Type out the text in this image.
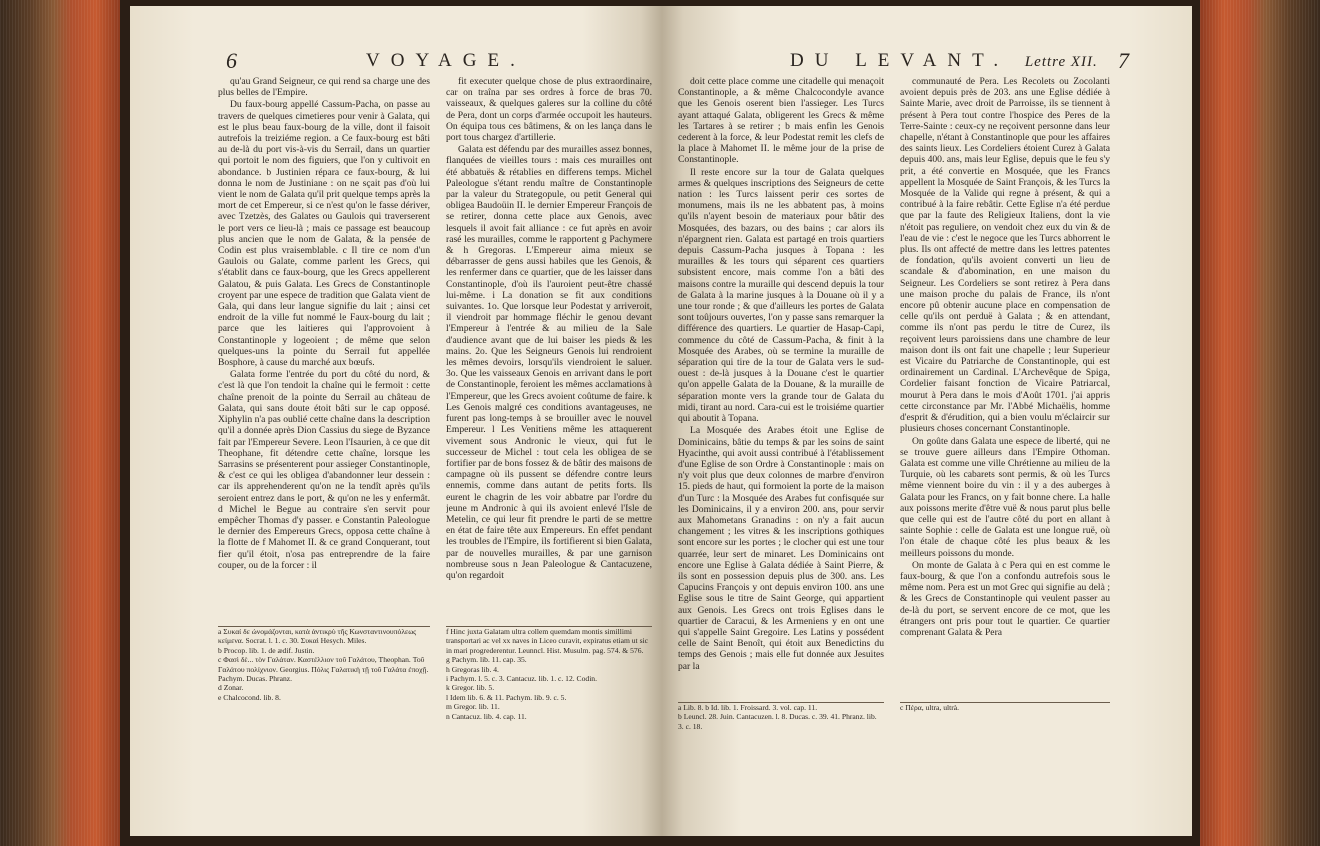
6	VOYAGE.

qu'au Grand Seigneur, ce qui rend sa charge une des plus belles de l'Empire.

Du faux-bourg appellé Cassum-Pacha, on passe au travers de quelques cimetieres pour venir à Galata, qui est le plus beau faux-bourg de la ville, dont il faisoit autrefois la treiziéme region. a Ce faux-bourg est bâti au de-là du port vis-à-vis du Serrail, dans un quartier qui portoit le nom des figuiers, que l'on y cultivoit en abondance. b Justinien répara ce faux-bourg, & lui donna le nom de Justiniane : on ne sçait pas d'où lui vient le nom de Galata qu'il prit quelque temps après la mort de cet Empereur, si ce n'est qu'on le fasse dériver, avec Tzetzès, des Galates ou Gaulois qui traverserent le port vers ce lieu-là ; mais ce passage est beaucoup plus ancien que le nom de Galata, & la pensée de Codin est plus vraisemblable. c Il tire ce nom d'un Gaulois ou Galate, comme parlent les Grecs, qui s'établit dans ce faux-bourg, que les Grecs appellerent Galatou, & puis Galata. Les Grecs de Constantinople croyent par une espece de tradition que Galata vient de Gala, qui dans leur langue signifie du lait ; ainsi cet endroit de la ville fut nommé le Faux-bourg du lait ; parce que les laitieres qui l'approvoient à Constantinople y logeoient ; de même que selon quelques-uns la pointe du Serrail fut appellée Bosphore, à cause du marché aux bœufs.

Galata forme l'entrée du port du côté du nord, & c'est là que l'on tendoit la chaîne qui le fermoit : cette chaîne prenoit de la pointe du Serrail au château de Galata, qui sans doute étoit bâti sur le cap opposé. Xiphylin n'a pas oublié cette chaîne dans la description qu'il a donnée après Dion Cassius du siege de Byzance fait par l'Empereur Severe. Leon l'Isaurien, à ce que dit Theophane, fit détendre cette chaîne, lorsque les Sarrasins se présenterent pour assieger Constantinople, & c'est ce qui les obligea d'abandonner leur dessein : car ils apprehenderent qu'on ne la tendît après qu'ils seroient entrez dans le port, & qu'on ne les y enfermât. d Michel le Begue au contraire s'en servit pour empêcher Thomas d'y passer. e Constantin Paleologue le dernier des Empereurs Grecs, opposa cette chaîne à la flotte de f Mahomet II. & ce grand Conquerant, tout fier qu'il étoit, n'osa pas entreprendre de la faire couper, ou de la forcer : il

fit executer quelque chose de plus extraordinaire, car on traîna par ses ordres à force de bras 70. vaisseaux, & quelques galeres sur la colline du côté de Pera, dont un corps d'armée occupoit les hauteurs. On équipa tous ces bâtimens, & on les lança dans le port tous chargez d'artillerie.

Galata est défendu par des murailles assez bonnes, flanquées de vieilles tours : mais ces murailles ont été abbatuës & rétablies en differens temps. Michel Paleologue s'étant rendu maître de Constantinople par la valeur du Strategopule, ou petit General qui obligea Baudoüin II. le dernier Empereur François de se retirer, donna cette place aux Genois, avec lesquels il avoit fait alliance : ce fut après en avoir rasé les murailles, comme le rapportent g Pachymere & h Gregoras. L'Empereur aima mieux se débarrasser de gens aussi habiles que les Genois, & les renfermer dans ce quartier, que de les laisser dans Constantinople, d'où ils l'auroient peut-être chassé lui-même. i La donation se fit aux conditions suivantes. 1o. Que lorsque leur Podestat y arriveroit, il viendroit par hommage fléchir le genou devant l'Empereur à l'entrée & au milieu de la Sale d'audience avant que de lui baiser les pieds & les mains. 2o. Que les Seigneurs Genois lui rendroient les mêmes devoirs, lorsqu'ils viendroient le saluer. 3o. Que les vaisseaux Genois en arrivant dans le port de Constantinople, feroient les mêmes acclamations à l'Empereur, que les Grecs avoient coûtume de faire. k Les Genois malgré ces conditions avantageuses, ne furent pas long-temps à se brouiller avec le nouvel Empereur. l Les Venitiens même les attaquerent vivement sous Andronic le vieux, qui fut le successeur de Michel : tout cela les obligea de se fortifier par de bons fossez & de bâtir des maisons de campagne où ils pussent se défendre contre leurs ennemis, comme dans autant de petits forts. Ils eurent le chagrin de les voir abbatre par l'ordre du jeune m Andronic à qui ils avoient enlevé l'Isle de Metelin, ce qui leur fit prendre le parti de se mettre en état de faire tête aux Empereurs. En effet pendant les troubles de l'Empire, ils fortifierent si bien Galata, par de nouvelles murailles, & par une garnison nombreuse sous n Jean Paleologue & Cantacuzene, qu'on regardoit

a Συκαί δε ὠνομάζονται, κατὰ ἀντικρὺ τῆς Κωνσταντινουπόλεως κείμενα. Socrat. l. 1. c. 30. Συκαὶ Hesych. Miles.
b Procop. lib. 1. de ædif. Justin.
c Φασὶ δὲ... τὸν Γαλάταν. Καστέλλιον τοῦ Γαλάτου, Theophan. Τοῦ Γαλάτου πολίχνιον. Georgius. Πόλις Γαλατικὴ τῇ τοῦ Γαλάτα ἐποχῇ. Pachym. Ducas. Phranz.
d Zonar.
e Chalcocond. lib. 8.
f Hinc juxta Galatam ultra collem quemdam montis simillimi transportari ac vel xx naves in Liceo curavit, expiratus etiam ut sic in mari progrederentur. Leunncl. Hist. Musulm. pag. 574. & 576.
g Pachym. lib. 11. cap. 35.
h Gregoras lib. 4.
i Pachym. l. 5. c. 3. Cantacuz. lib. 1. c. 12. Codin.
k Gregor. lib. 5.
l Idem lib. 6. & 11. Pachym. lib. 9. c. 5.
m Gregor. lib. 11.
n Cantacuz. lib. 4. cap. 11.
DU LEVANT. Lettre XII. 7

doit cette place comme une citadelle qui menaçoit Constantinople, a & même Chalcocondyle avance que les Genois oserent bien l'assieger. Les Turcs ayant attaqué Galata, obligerent les Grecs & même les Tartares à se retirer ; b mais enfin les Genois cederent à la force, & leur Podestat remit les clefs de la place à Mahomet II. le même jour de la prise de Constantinople.

Il reste encore sur la tour de Galata quelques armes & quelques inscriptions des Seigneurs de cette nation : les Turcs laissent perir ces sortes de monumens, mais ils ne les abbatent pas, à moins qu'ils n'ayent besoin de materiaux pour bâtir des Mosquées, des bazars, ou des bains ; car alors ils n'épargnent rien. Galata est partagé en trois quartiers depuis Cassum-Pacha jusques à Topana : les murailles & les tours qui séparent ces quartiers subsistent encore, mais comme l'on a bâti des maisons contre la muraille qui descend depuis la tour de Galata à la marine jusques à la Douane où il y a une tour ronde ; & que d'ailleurs les portes de Galata sont toûjours ouvertes, l'on y passe sans remarquer la différence des quartiers. Le quartier de Hasap-Capi, commence du côté de Cassum-Pacha, & finit à la Mosquée des Arabes, où se termine la muraille de séparation qui tire de la tour de Galata vers le sud-ouest : de-là jusques à la Douane c'est le quartier qu'on appelle Galata de la Douane, & la muraille de séparation monte vers la grande tour de Galata du midi, tirant au nord. Cara-cui est le troisiéme quartier qui aboutit à Topana.

La Mosquée des Arabes étoit une Eglise de Dominicains, bâtie du temps & par les soins de saint Hyacinthe, qui avoit aussi contribué à l'établissement d'une Eglise de son Ordre à Constantinople : mais on n'y voit plus que deux colonnes de marbre d'environ 15. pieds de haut, qui formoient la porte de la maison d'un Turc : la Mosquée des Arabes fut confisquée sur les Dominicains, il y a environ 200. ans, pour servir aux Mahometans Granadins : on n'y a fait aucun changement ; les vitres & les inscriptions gothiques sont encore sur les portes ; le clocher qui est une tour quarrée, leur sert de minaret. Les Dominicains ont encore une Eglise à Galata dédiée à Saint Pierre, & ils sont en possession depuis plus de 300. ans. Les Capucins François y ont depuis environ 100. ans une Eglise sous le titre de Saint George, qui appartient aux Genois. Les Grecs ont trois Eglises dans le quartier de Caracui, & les Armeniens y en ont une qui s'appelle Saint Gregoire. Les Latins y possédent celle de Saint Benoît, qui étoit aux Benedictins du temps des Genois ; mais elle fut donnée aux Jesuites par la

communauté de Pera. Les Recolets ou Zocolanti avoient depuis près de 203. ans une Eglise dédiée à Sainte Marie, avec droit de Parroisse, ils se tiennent à présent à Pera tout contre l'hospice des Peres de la Terre-Sainte : ceux-cy ne reçoivent personne dans leur chapelle, n'étant à Constantinople que pour les affaires des saints lieux. Les Cordeliers étoient Curez à Galata depuis 400. ans, mais leur Eglise, depuis que le feu s'y prit, a été convertie en Mosquée, que les Francs appellent la Mosquée de Saint François, & les Turcs la Mosquée de la Valide qui regne à présent, & qui a contribué à la faire rebâtir. Cette Eglise n'a été perdue que par la faute des Religieux Italiens, dont la vie n'étoit pas reguliere, on vendoit chez eux du vin & de l'eau de vie : c'est le negoce que les Turcs abhorrent le plus. Ils ont affecté de mettre dans les lettres patentes de fondation, qu'ils avoient converti un lieu de scandale & d'abomination, en une maison du Seigneur. Les Cordeliers se sont retirez à Pera dans une maison proche du palais de France, ils n'ont encore pû obtenir aucune place en compensation de celle qu'ils ont perduë à Galata ; & en attendant, comme ils n'ont pas perdu le titre de Curez, ils reçoivent leurs paroissiens dans une chambre de leur maison dont ils ont fait une chapelle ; leur Superieur est Vicaire du Patriarche de Constantinople, qui est ordinairement un Cardinal. L'Archevêque de Spiga, Cordelier faisant fonction de Vicaire Patriarcal, mourut à Pera dans le mois d'Août 1701. j'ai appris cette circonstance par Mr. l'Abbé Michaëlis, homme d'esprit & d'érudition, qui a bien voulu m'éclaircir sur plusieurs choses concernant Constantinople.

On goûte dans Galata une espece de liberté, qui ne se trouve guere ailleurs dans l'Empire Othoman. Galata est comme une ville Chrétienne au milieu de la Turquie, où les cabarets sont permis, & où les Turcs même viennent boire du vin : il y a des auberges à Galata pour les Francs, on y fait bonne chere. La halle aux poissons merite d'être vuë & nous parut plus belle que celle qui est de l'autre côté du port en allant à sainte Sophie : celle de Galata est une longue ruë, où l'on étale de chaque côté les plus beaux & les meilleurs poissons du monde.

On monte de Galata à c Pera qui en est comme le faux-bourg, & que l'on a confondu autrefois sous le même nom. Pera est un mot Grec qui signifie au delà ; & les Grecs de Constantinople qui veulent passer au de-là du port, se servent encore de ce mot, que les étrangers ont pris pour tout le quartier. Ce quartier comprenant Galata & Pera

a Lib. 8. b Id. lib. 1. Froissard. 3. vol. cap. 11.
b Leuncl. 28. Juin. Cantacuzen. l. 8. Ducas. c. 39. 41. Phranz. lib. 3. c. 18.
c Πέρα, ultra, ultrà.
